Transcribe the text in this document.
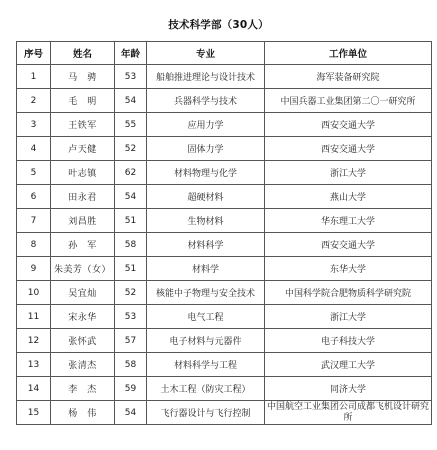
技术科学部（30人）
序号	姓名	年龄	专业	工作单位
1	马　骋	53	船舶推进理论与设计技术	海军装备研究院
2	毛　明	54	兵器科学与技术	中国兵器工业集团第二〇一研究所
3	王铁军	55	应用力学	西安交通大学
4	卢天健	52	固体力学	西安交通大学
5	叶志镇	62	材料物理与化学	浙江大学
6	田永君	54	超硬材料	燕山大学
7	刘昌胜	51	生物材料	华东理工大学
8	孙　军	58	材料科学	西安交通大学
9	朱美芳（女）	51	材料学	东华大学
10	吴宜灿	52	核能中子物理与安全技术	中国科学院合肥物质科学研究院
11	宋永华	53	电气工程	浙江大学
12	张怀武	57	电子材料与元器件	电子科技大学
13	张清杰	58	材料科学与工程	武汉理工大学
14	李　杰	59	土木工程（防灾工程）	同济大学
15	杨　伟	54	飞行器设计与飞行控制	中国航空工业集团公司成都飞机设计研究所
